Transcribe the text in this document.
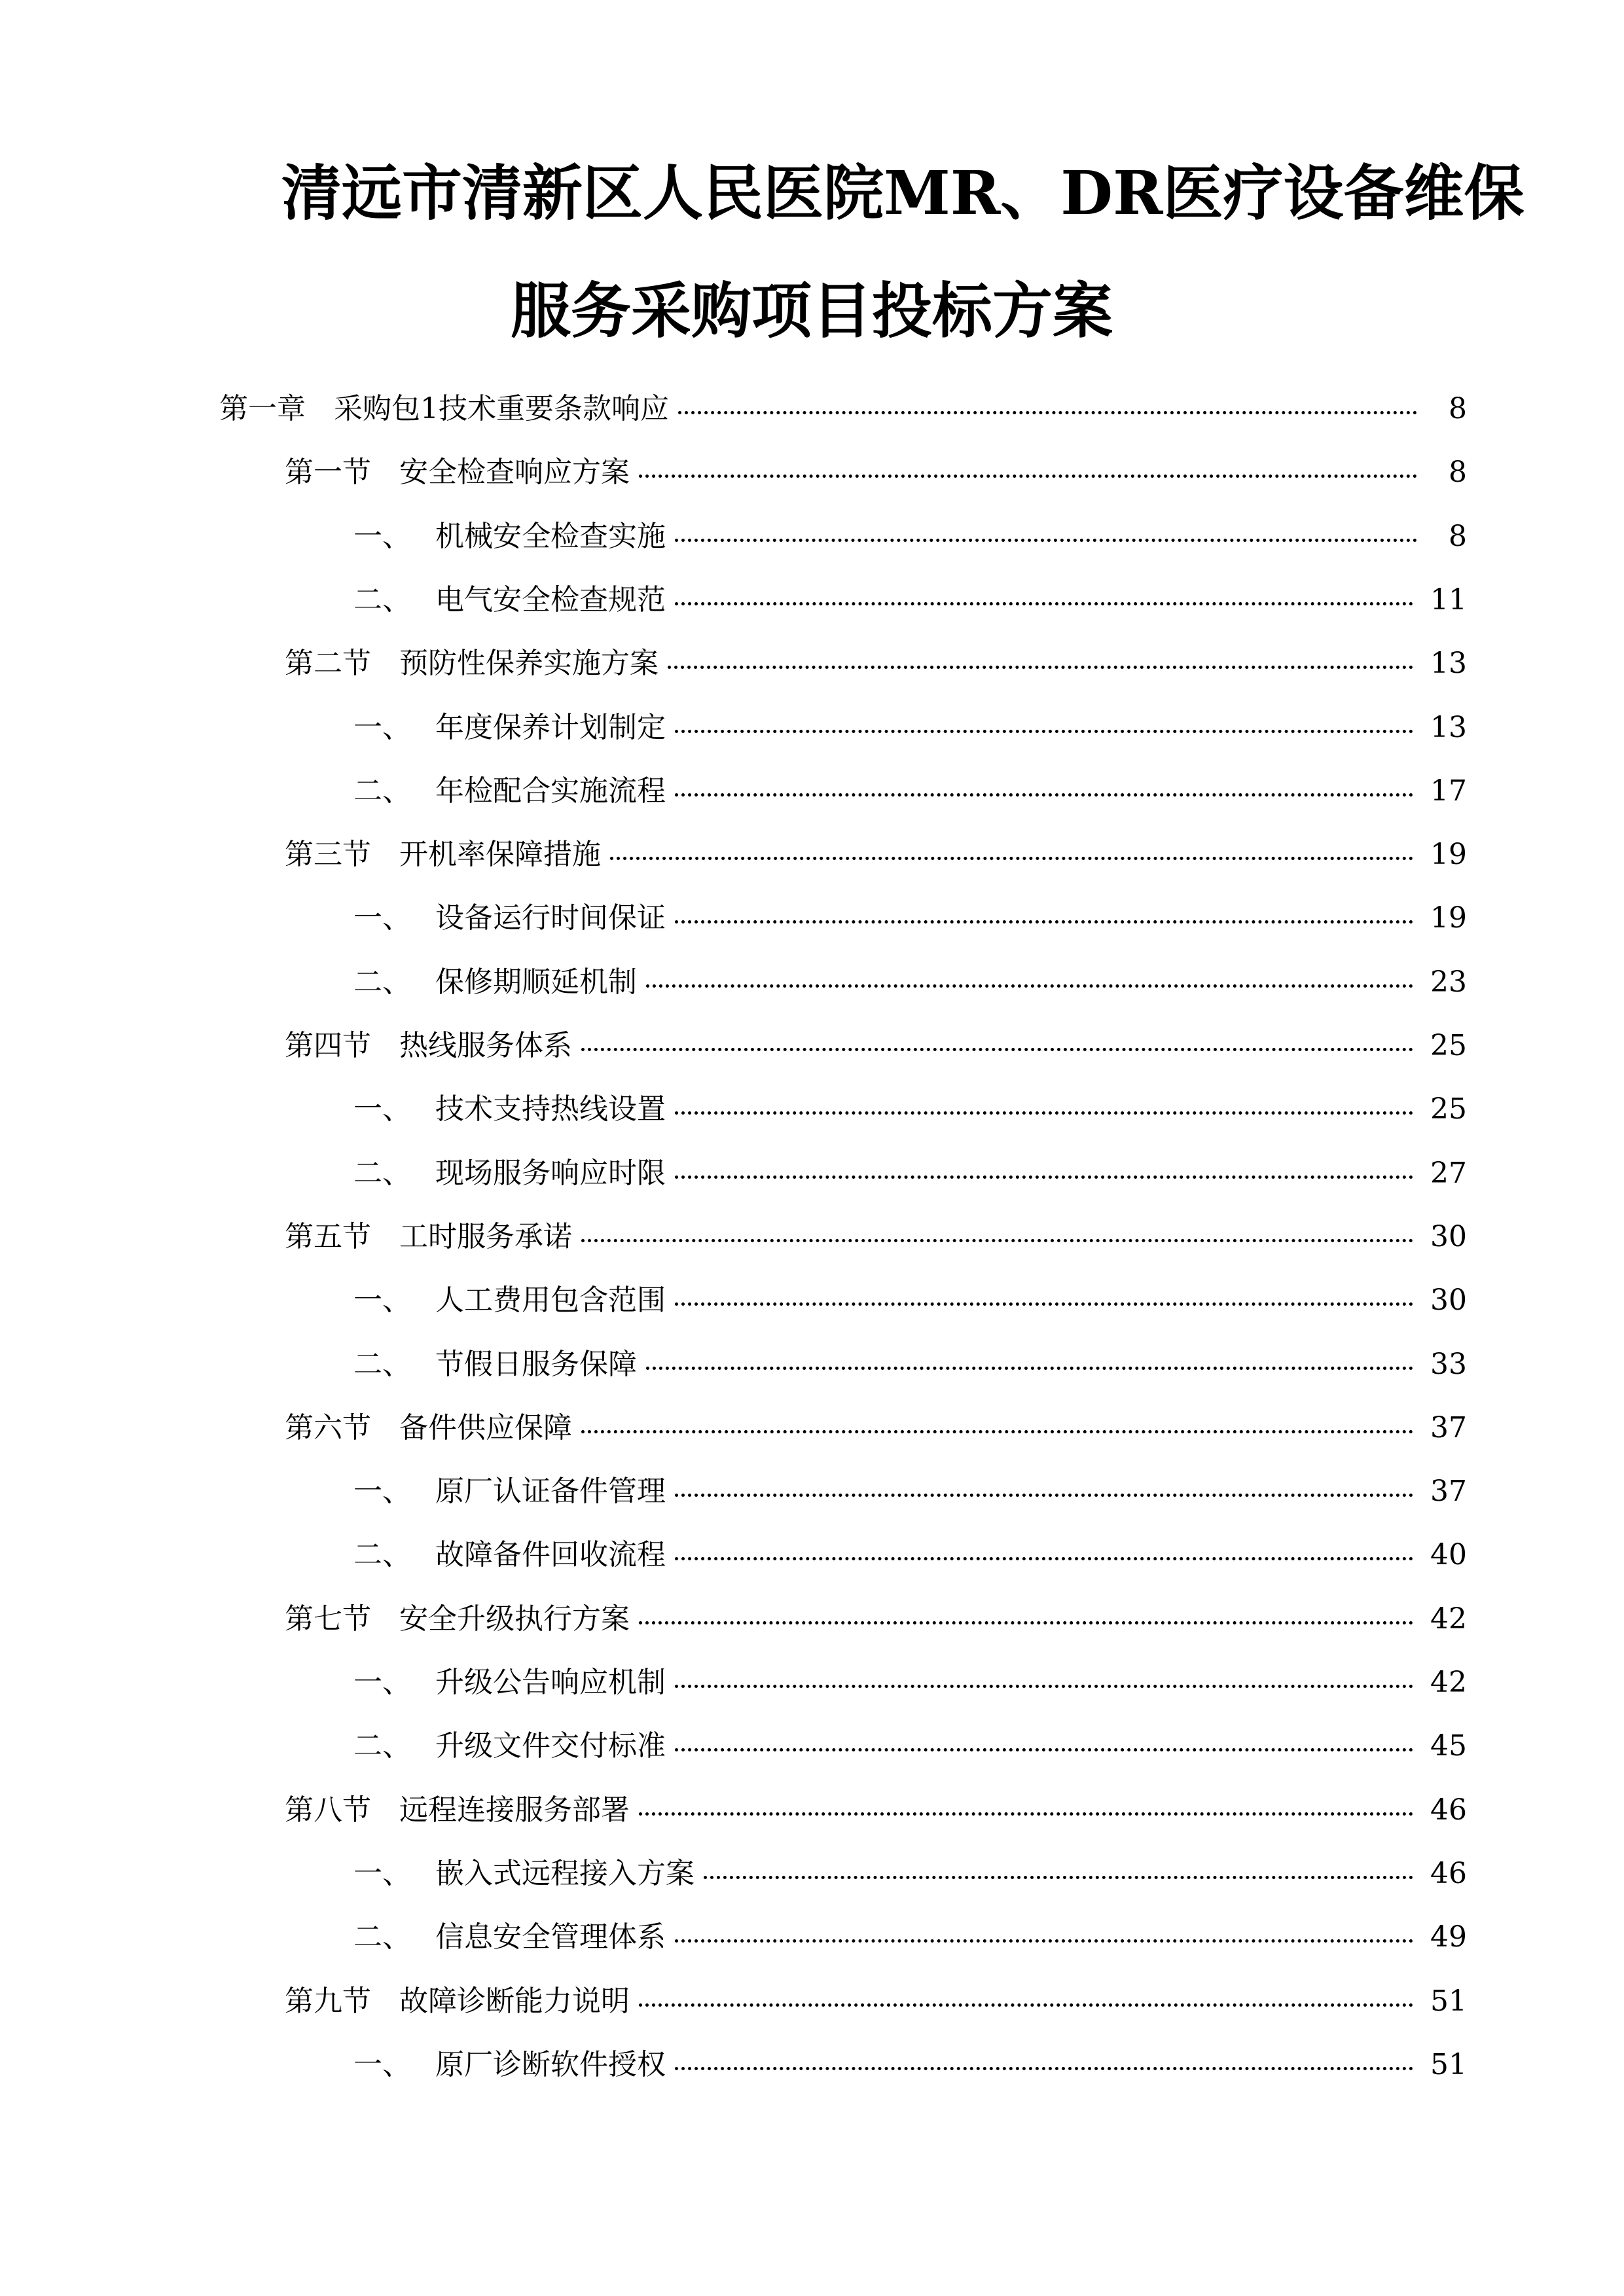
清远市清新区人民医院MR、DR医疗设备维保
服务采购项目投标方案
第一章 采购包1技术重要条款响应	8
第一节 安全检查响应方案	8
一、 机械安全检查实施	8
二、 电气安全检查规范	11
第二节 预防性保养实施方案	13
一、 年度保养计划制定	13
二、 年检配合实施流程	17
第三节 开机率保障措施	19
一、 设备运行时间保证	19
二、 保修期顺延机制	23
第四节 热线服务体系	25
一、 技术支持热线设置	25
二、 现场服务响应时限	27
第五节 工时服务承诺	30
一、 人工费用包含范围	30
二、 节假日服务保障	33
第六节 备件供应保障	37
一、 原厂认证备件管理	37
二、 故障备件回收流程	40
第七节 安全升级执行方案	42
一、 升级公告响应机制	42
二、 升级文件交付标准	45
第八节 远程连接服务部署	46
一、 嵌入式远程接入方案	46
二、 信息安全管理体系	49
第九节 故障诊断能力说明	51
一、 原厂诊断软件授权	51
